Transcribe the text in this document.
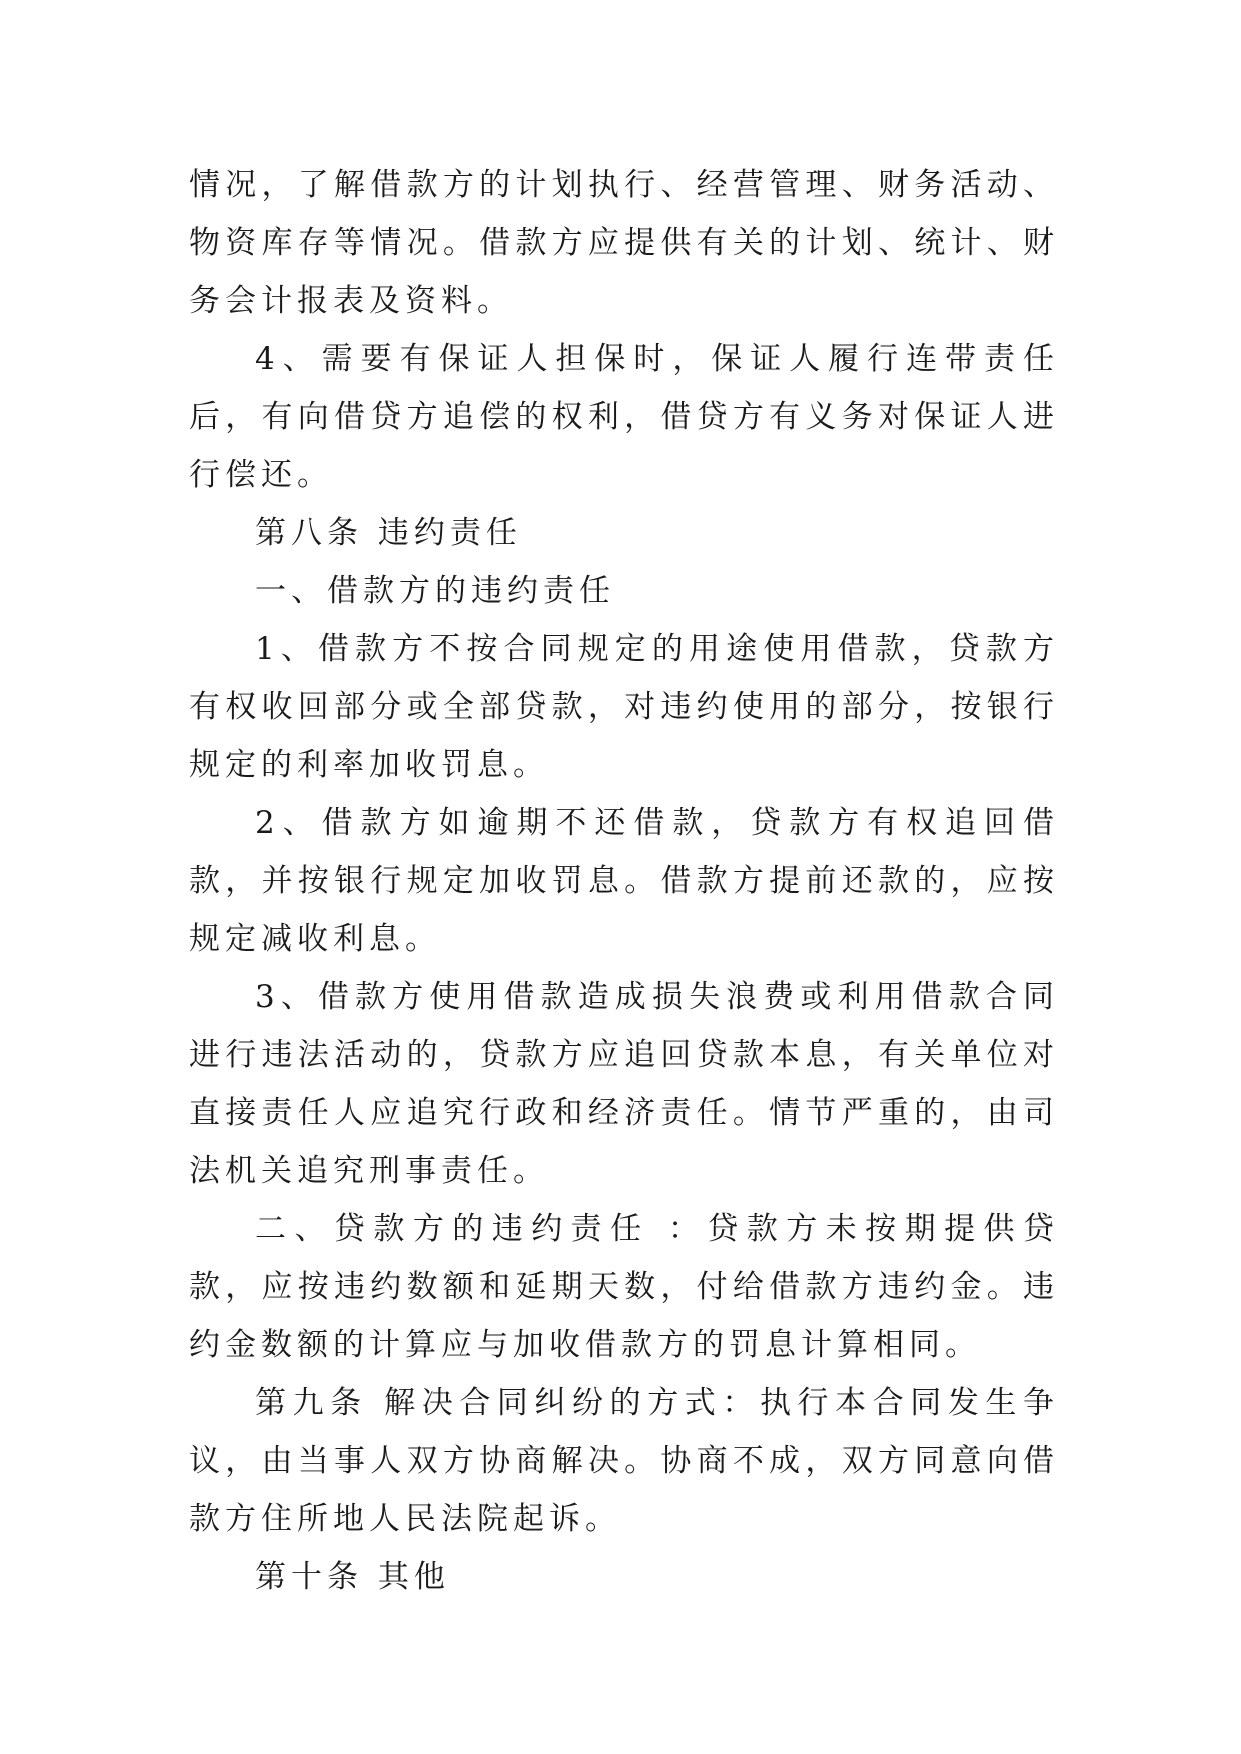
情况，了解借款方的计划执行、经营管理、财务活动、物资库存等情况。借款方应提供有关的计划、统计、财务会计报表及资料。

4、需要有保证人担保时，保证人履行连带责任后，有向借贷方追偿的权利，借贷方有义务对保证人进行偿还。

第八条 违约责任

一、借款方的违约责任

1、借款方不按合同规定的用途使用借款，贷款方有权收回部分或全部贷款，对违约使用的部分，按银行规定的利率加收罚息。

2、借款方如逾期不还借款，贷款方有权追回借款，并按银行规定加收罚息。借款方提前还款的，应按规定减收利息。

3、借款方使用借款造成损失浪费或利用借款合同进行违法活动的，贷款方应追回贷款本息，有关单位对直接责任人应追究行政和经济责任。情节严重的，由司法机关追究刑事责任。

二、贷款方的违约责任 ：贷款方未按期提供贷款，应按违约数额和延期天数，付给借款方违约金。违约金数额的计算应与加收借款方的罚息计算相同。

第九条 解决合同纠纷的方式：执行本合同发生争议，由当事人双方协商解决。协商不成，双方同意向借款方住所地人民法院起诉。

第十条 其他
